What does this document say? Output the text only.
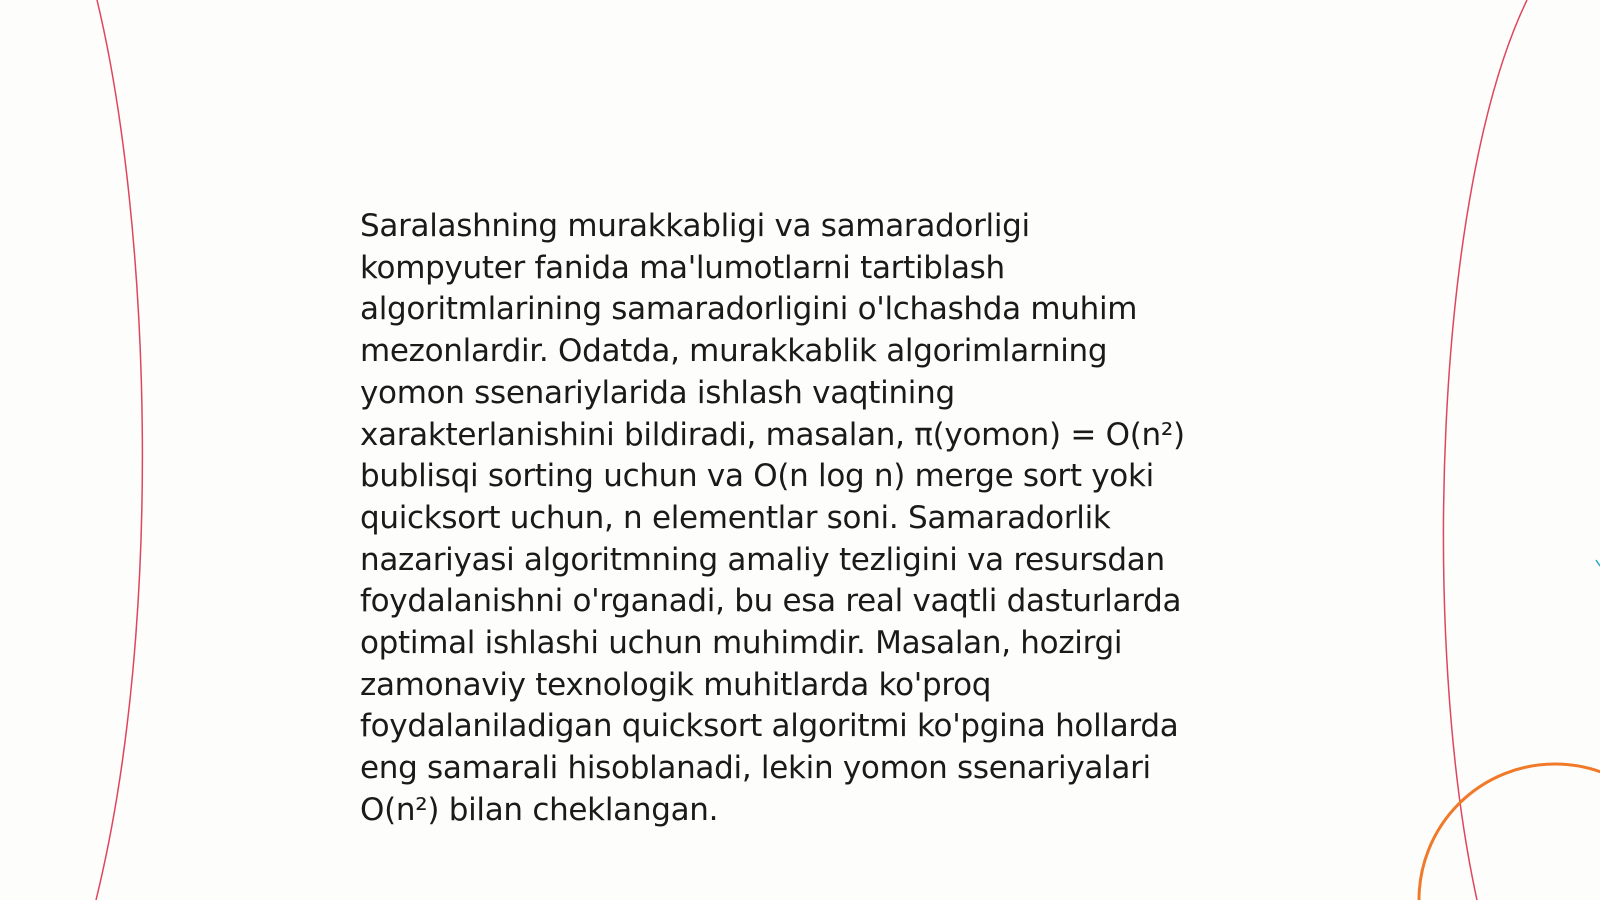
Saralashning murakkabligi va samaradorligi
kompyuter fanida ma'lumotlarni tartiblash
algoritmlarining samaradorligini o'lchashda muhim
mezonlardir. Odatda, murakkablik algorimlarning
yomon ssenariylarida ishlash vaqtining
xarakterlanishini bildiradi, masalan, π(yomon) = O(n²)
bublisqi sorting uchun va O(n log n) merge sort yoki
quicksort uchun, n elementlar soni. Samaradorlik
nazariyasi algoritmning amaliy tezligini va resursdan
foydalanishni o'rganadi, bu esa real vaqtli dasturlarda
optimal ishlashi uchun muhimdir. Masalan, hozirgi
zamonaviy texnologik muhitlarda ko'proq
foydalaniladigan quicksort algoritmi ko'pgina hollarda
eng samarali hisoblanadi, lekin yomon ssenariyalari
O(n²) bilan cheklangan.
